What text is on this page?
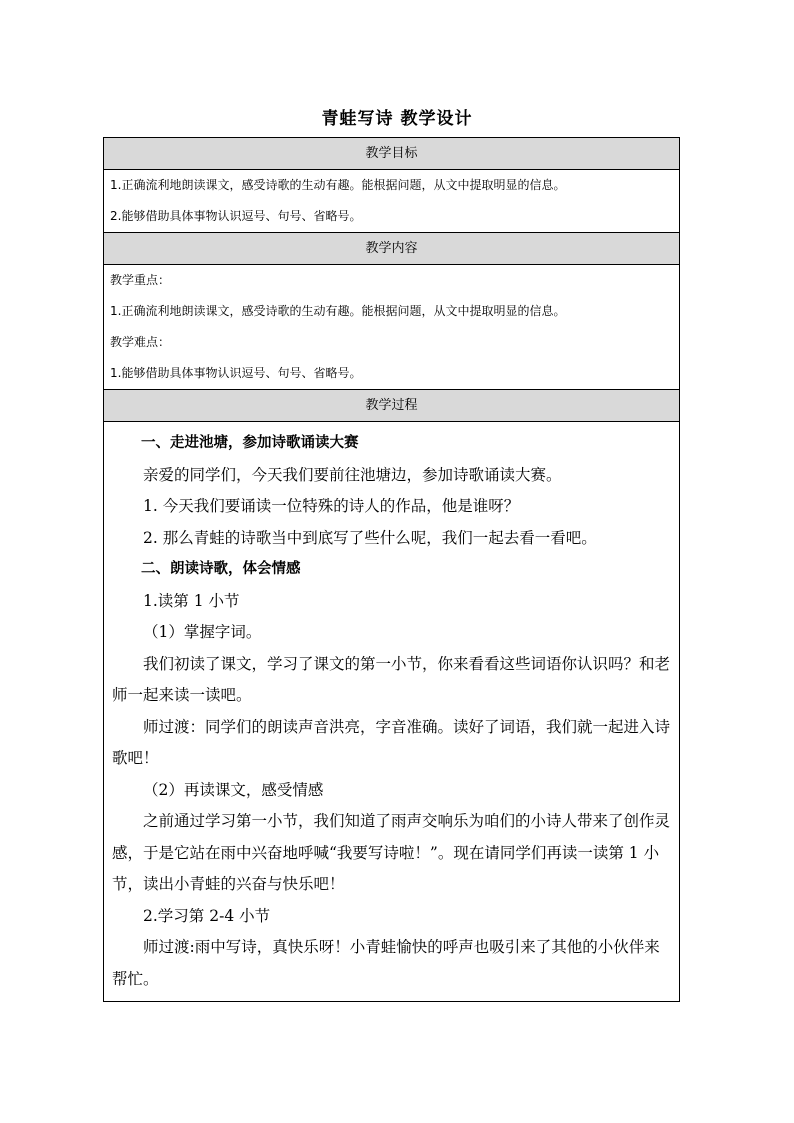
青蛙写诗 教学设计
教学目标

1.正确流利地朗读课文，感受诗歌的生动有趣。能根据问题，从文中提取明显的信息。

2.能够借助具体事物认识逗号、句号、省略号。

教学内容

教学重点：

1.正确流利地朗读课文，感受诗歌的生动有趣。能根据问题，从文中提取明显的信息。

教学难点：

1.能够借助具体事物认识逗号、句号、省略号。

教学过程

一、走进池塘，参加诗歌诵读大赛

亲爱的同学们，今天我们要前往池塘边，参加诗歌诵读大赛。

1. 今天我们要诵读一位特殊的诗人的作品，他是谁呀？

2. 那么青蛙的诗歌当中到底写了些什么呢，我们一起去看一看吧。

二、朗读诗歌，体会情感

1.读第 1 小节

（1）掌握字词。

我们初读了课文，学习了课文的第一小节，你来看看这些词语你认识吗？和老师一起来读一读吧。

师过渡：同学们的朗读声音洪亮，字音准确。读好了词语，我们就一起进入诗歌吧！

（2）再读课文，感受情感

之前通过学习第一小节，我们知道了雨声交响乐为咱们的小诗人带来了创作灵感，于是它站在雨中兴奋地呼喊“我要写诗啦！”。现在请同学们再读一读第 1 小节，读出小青蛙的兴奋与快乐吧！

2.学习第 2-4 小节

师过渡:雨中写诗，真快乐呀！小青蛙愉快的呼声也吸引来了其他的小伙伴来帮忙。
